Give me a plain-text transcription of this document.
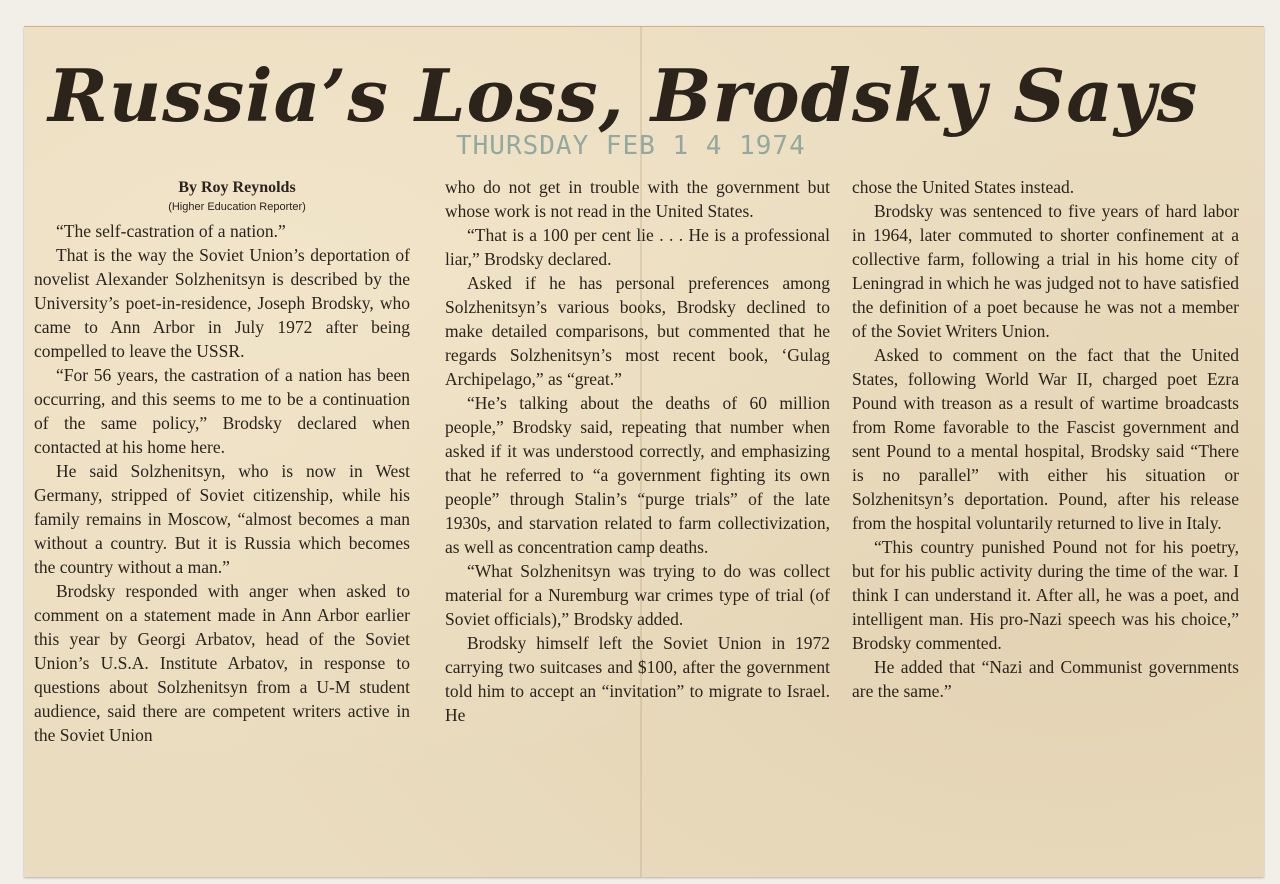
Russia’s Loss, Brodsky Says
THURSDAY FEB 1 4 1974

By Roy Reynolds

(Higher Education Reporter)

“The self-castration of a nation.”

That is the way the Soviet Union’s deportation of novelist Alexander Solzhenitsyn is described by the University’s poet-in-residence, Joseph Brodsky, who came to Ann Arbor in July 1972 after being compelled to leave the USSR.

“For 56 years, the castration of a nation has been occurring, and this seems to me to be a continuation of the same policy,” Brodsky declared when contacted at his home here.

He said Solzhenitsyn, who is now in West Germany, stripped of Soviet citizenship, while his family remains in Moscow, “almost becomes a man without a country. But it is Russia which becomes the country without a man.”

Brodsky responded with anger when asked to comment on a statement made in Ann Arbor earlier this year by Georgi Arbatov, head of the Soviet Union’s U.S.A. Institute Arbatov, in response to questions about Solzhenitsyn from a U-M student audience, said there are competent writers active in the Soviet Union

who do not get in trouble with the government but whose work is not read in the United States.

“That is a 100 per cent lie . . . He is a professional liar,” Brodsky declared.

Asked if he has personal preferences among Solzhenitsyn’s various books, Brodsky declined to make detailed comparisons, but commented that he regards Solzhenitsyn’s most recent book, ‘Gulag Archipelago,” as “great.”

“He’s talking about the deaths of 60 million people,” Brodsky said, repeating that number when asked if it was understood correctly, and emphasizing that he referred to “a government fighting its own people” through Stalin’s “purge trials” of the late 1930s, and starvation related to farm collectivization, as well as concentration camp deaths.

“What Solzhenitsyn was trying to do was collect material for a Nuremburg war crimes type of trial (of Soviet officials),” Brodsky added.

Brodsky himself left the Soviet Union in 1972 carrying two suitcases and $100, after the government told him to accept an “invitation” to migrate to Israel. He

chose the United States instead.

Brodsky was sentenced to five years of hard labor in 1964, later commuted to shorter confinement at a collective farm, following a trial in his home city of Leningrad in which he was judged not to have satisfied the definition of a poet because he was not a member of the Soviet Writers Union.

Asked to comment on the fact that the United States, following World War II, charged poet Ezra Pound with treason as a result of wartime broadcasts from Rome favorable to the Fascist government and sent Pound to a mental hospital, Brodsky said “There is no parallel” with either his situation or Solzhenitsyn’s deportation. Pound, after his release from the hospital voluntarily returned to live in Italy.

“This country punished Pound not for his poetry, but for his public activity during the time of the war. I think I can understand it. After all, he was a poet, and intelligent man. His pro-Nazi speech was his choice,” Brodsky commented.

He added that “Nazi and Communist governments are the same.”
